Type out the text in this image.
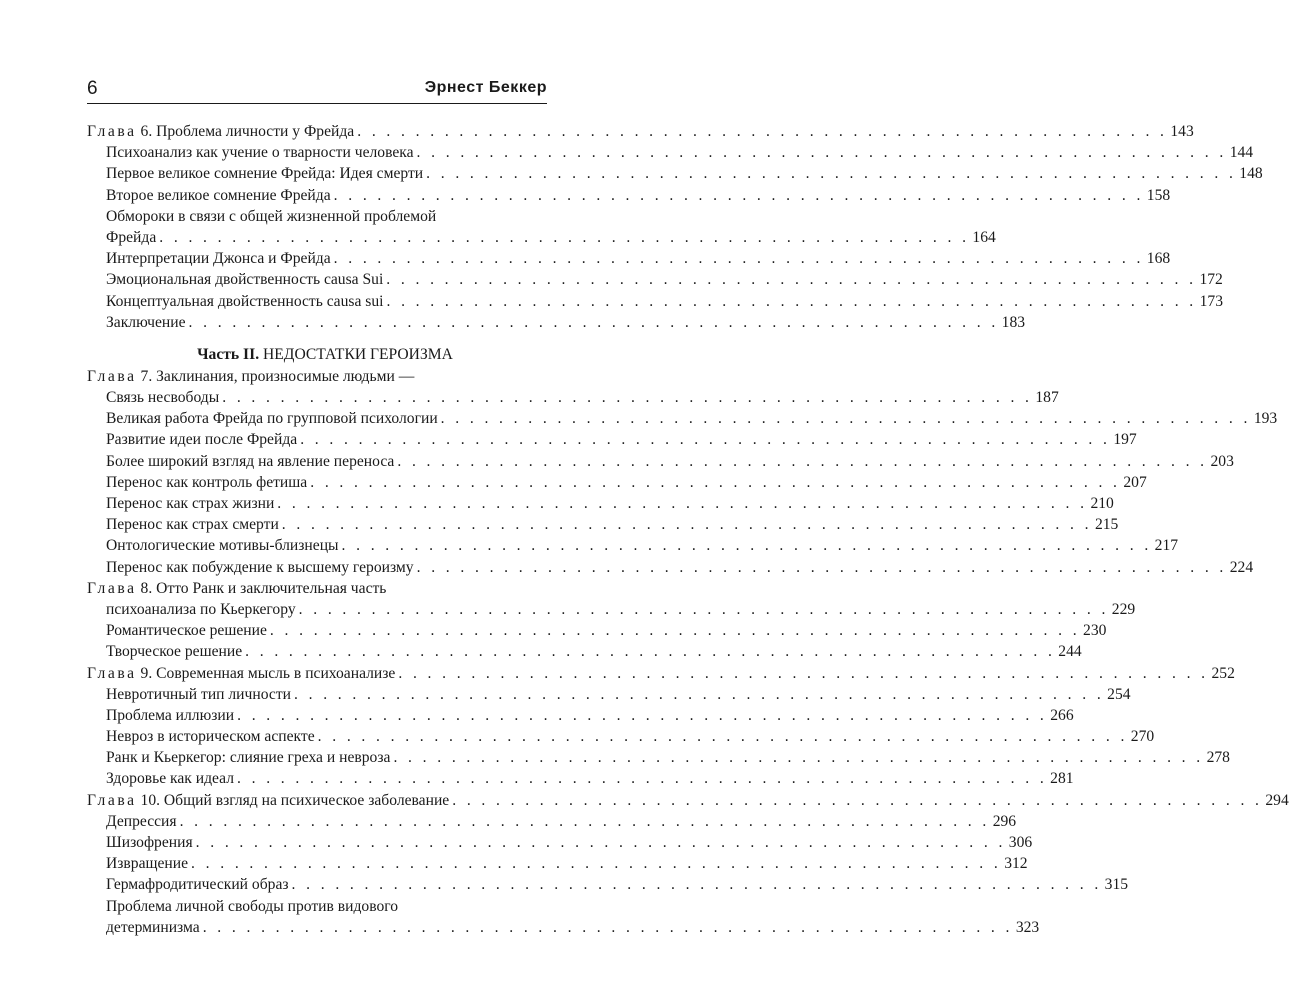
6	Эрнест Беккер
Глава 6. Проблема личности у Фрейда . . . . . . . . . . . . . . . . . . . . . . . . . . . . . . . . . . . . . . . . . . . . . . . . . . . . . . . . 143
Психоанализ как учение о тварности человека . . . . . . . . . . . . . . . . . . . . . . . . . . . . . . . . . . . . . . . . . . . . . . . . . . . . . . . . 144
Первое великое сомнение Фрейда: Идея смерти . . . . . . . . . . . . . . . . . . . . . . . . . . . . . . . . . . . . . . . . . . . . . . . . . . . . . . . . 148
Второе великое сомнение Фрейда . . . . . . . . . . . . . . . . . . . . . . . . . . . . . . . . . . . . . . . . . . . . . . . . . . . . . . . . 158
Обмороки в связи с общей жизненной проблемой
Фрейда . . . . . . . . . . . . . . . . . . . . . . . . . . . . . . . . . . . . . . . . . . . . . . . . . . . . . . . . 164
Интерпретации Джонса и Фрейда . . . . . . . . . . . . . . . . . . . . . . . . . . . . . . . . . . . . . . . . . . . . . . . . . . . . . . . . 168
Эмоциональная двойственность causa Sui . . . . . . . . . . . . . . . . . . . . . . . . . . . . . . . . . . . . . . . . . . . . . . . . . . . . . . . . 172
Концептуальная двойственность causa sui . . . . . . . . . . . . . . . . . . . . . . . . . . . . . . . . . . . . . . . . . . . . . . . . . . . . . . . . 173
Заключение . . . . . . . . . . . . . . . . . . . . . . . . . . . . . . . . . . . . . . . . . . . . . . . . . . . . . . . . 183
Часть II. НЕДОСТАТКИ ГЕРОИЗМА
Глава 7. Заклинания, произносимые людьми —
Связь несвободы . . . . . . . . . . . . . . . . . . . . . . . . . . . . . . . . . . . . . . . . . . . . . . . . . . . . . . . . 187
Великая работа Фрейда по групповой психологии . . . . . . . . . . . . . . . . . . . . . . . . . . . . . . . . . . . . . . . . . . . . . . . . . . . . . . . . 193
Развитие идеи после Фрейда . . . . . . . . . . . . . . . . . . . . . . . . . . . . . . . . . . . . . . . . . . . . . . . . . . . . . . . . 197
Более широкий взгляд на явление переноса . . . . . . . . . . . . . . . . . . . . . . . . . . . . . . . . . . . . . . . . . . . . . . . . . . . . . . . . 203
Перенос как контроль фетиша . . . . . . . . . . . . . . . . . . . . . . . . . . . . . . . . . . . . . . . . . . . . . . . . . . . . . . . . 207
Перенос как страх жизни . . . . . . . . . . . . . . . . . . . . . . . . . . . . . . . . . . . . . . . . . . . . . . . . . . . . . . . . 210
Перенос как страх смерти . . . . . . . . . . . . . . . . . . . . . . . . . . . . . . . . . . . . . . . . . . . . . . . . . . . . . . . . 215
Онтологические мотивы-близнецы . . . . . . . . . . . . . . . . . . . . . . . . . . . . . . . . . . . . . . . . . . . . . . . . . . . . . . . . 217
Перенос как побуждение к высшему героизму . . . . . . . . . . . . . . . . . . . . . . . . . . . . . . . . . . . . . . . . . . . . . . . . . . . . . . . . 224
Глава 8. Отто Ранк и заключительная часть
психоанализа по Кьеркегору . . . . . . . . . . . . . . . . . . . . . . . . . . . . . . . . . . . . . . . . . . . . . . . . . . . . . . . . 229
Романтическое решение . . . . . . . . . . . . . . . . . . . . . . . . . . . . . . . . . . . . . . . . . . . . . . . . . . . . . . . . 230
Творческое решение . . . . . . . . . . . . . . . . . . . . . . . . . . . . . . . . . . . . . . . . . . . . . . . . . . . . . . . . 244
Глава 9. Современная мысль в психоанализе . . . . . . . . . . . . . . . . . . . . . . . . . . . . . . . . . . . . . . . . . . . . . . . . . . . . . . . . 252
Невротичный тип личности . . . . . . . . . . . . . . . . . . . . . . . . . . . . . . . . . . . . . . . . . . . . . . . . . . . . . . . . 254
Проблема иллюзии . . . . . . . . . . . . . . . . . . . . . . . . . . . . . . . . . . . . . . . . . . . . . . . . . . . . . . . . 266
Невроз в историческом аспекте . . . . . . . . . . . . . . . . . . . . . . . . . . . . . . . . . . . . . . . . . . . . . . . . . . . . . . . . 270
Ранк и Кьеркегор: слияние греха и невроза . . . . . . . . . . . . . . . . . . . . . . . . . . . . . . . . . . . . . . . . . . . . . . . . . . . . . . . . 278
Здоровье как идеал . . . . . . . . . . . . . . . . . . . . . . . . . . . . . . . . . . . . . . . . . . . . . . . . . . . . . . . . 281
Глава 10. Общий взгляд на психическое заболевание . . . . . . . . . . . . . . . . . . . . . . . . . . . . . . . . . . . . . . . . . . . . . . . . . . . . . . . . 294
Депрессия . . . . . . . . . . . . . . . . . . . . . . . . . . . . . . . . . . . . . . . . . . . . . . . . . . . . . . . . 296
Шизофрения . . . . . . . . . . . . . . . . . . . . . . . . . . . . . . . . . . . . . . . . . . . . . . . . . . . . . . . . 306
Извращение . . . . . . . . . . . . . . . . . . . . . . . . . . . . . . . . . . . . . . . . . . . . . . . . . . . . . . . . 312
Гермафродитический образ . . . . . . . . . . . . . . . . . . . . . . . . . . . . . . . . . . . . . . . . . . . . . . . . . . . . . . . . 315
Проблема личной свободы против видового
детерминизма . . . . . . . . . . . . . . . . . . . . . . . . . . . . . . . . . . . . . . . . . . . . . . . . . . . . . . . . 323
